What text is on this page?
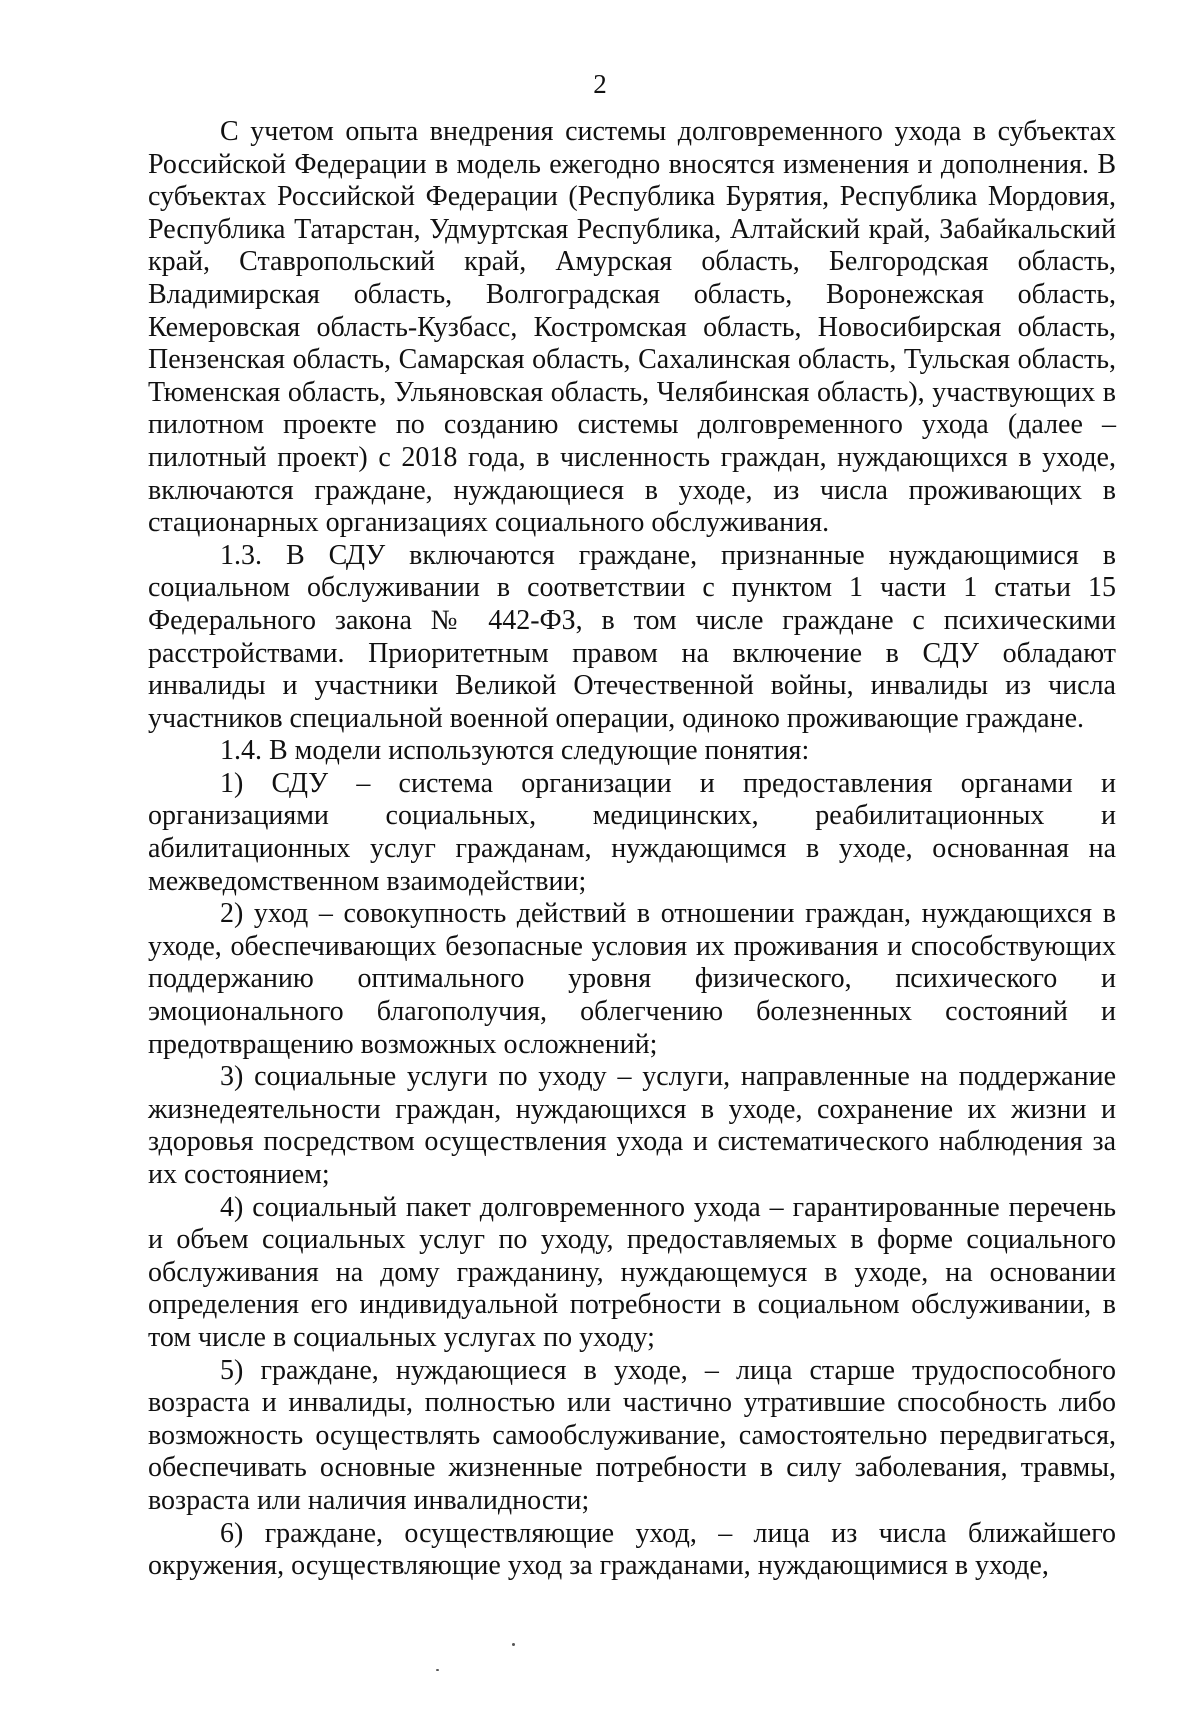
2

С учетом опыта внедрения системы долговременного ухода в субъектах Российской Федерации в модель ежегодно вносятся изменения и дополнения. В субъектах Российской Федерации (Республика Бурятия, Республика Мордовия, Республика Татарстан, Удмуртская Республика, Алтайский край, Забайкальский край, Ставропольский край, Амурская область, Белгородская область, Владимирская область, Волгоградская область, Воронежская область, Кемеровская область-Кузбасс, Костромская область, Новосибирская область, Пензенская область, Самарская область, Сахалинская область, Тульская область, Тюменская область, Ульяновская область, Челябинская область), участвующих в пилотном проекте по созданию системы долговременного ухода (далее – пилотный проект) с 2018 года, в численность граждан, нуждающихся в уходе, включаются граждане, нуждающиеся в уходе, из числа проживающих в стационарных организациях социального обслуживания.

1.3. В СДУ включаются граждане, признанные нуждающимися в социальном обслуживании в соответствии с пунктом 1 части 1 статьи 15 Федерального закона № 442-ФЗ, в том числе граждане с психическими расстройствами. Приоритетным правом на включение в СДУ обладают инвалиды и участники Великой Отечественной войны, инвалиды из числа участников специальной военной операции, одиноко проживающие граждане.

1.4. В модели используются следующие понятия:

1) СДУ – система организации и предоставления органами и организациями социальных, медицинских, реабилитационных и абилитационных услуг гражданам, нуждающимся в уходе, основанная на межведомственном взаимодействии;

2) уход – совокупность действий в отношении граждан, нуждающихся в уходе, обеспечивающих безопасные условия их проживания и способствующих поддержанию оптимального уровня физического, психического и эмоционального благополучия, облегчению болезненных состояний и предотвращению возможных осложнений;

3) социальные услуги по уходу – услуги, направленные на поддержание жизнедеятельности граждан, нуждающихся в уходе, сохранение их жизни и здоровья посредством осуществления ухода и систематического наблюдения за их состоянием;

4) социальный пакет долговременного ухода – гарантированные перечень и объем социальных услуг по уходу, предоставляемых в форме социального обслуживания на дому гражданину, нуждающемуся в уходе, на основании определения его индивидуальной потребности в социальном обслуживании, в том числе в социальных услугах по уходу;

5) граждане, нуждающиеся в уходе, – лица старше трудоспособного возраста и инвалиды, полностью или частично утратившие способность либо возможность осуществлять самообслуживание, самостоятельно передвигаться, обеспечивать основные жизненные потребности в силу заболевания, травмы, возраста или наличия инвалидности;

6) граждане, осуществляющие уход, – лица из числа ближайшего окружения, осуществляющие уход за гражданами, нуждающимися в уходе,
